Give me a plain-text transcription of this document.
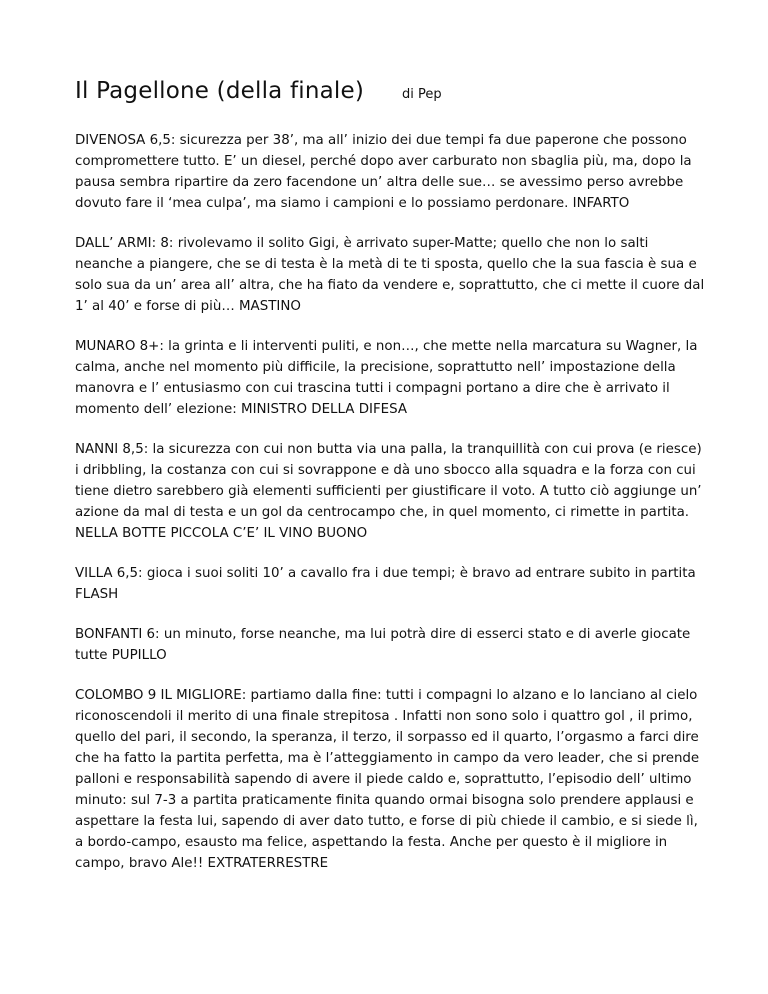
Il Pagellone (della finale)	di Pep

DIVENOSA 6,5: sicurezza per 38’, ma all’ inizio dei due tempi fa due paperone che possono compromettere tutto. E’ un diesel, perché dopo aver carburato non sbaglia più, ma, dopo la pausa sembra ripartire da zero facendone un’ altra delle sue… se avessimo perso avrebbe dovuto fare il ‘mea culpa’, ma siamo i campioni e lo possiamo perdonare. INFARTO

DALL’ ARMI: 8: rivolevamo il solito Gigi, è arrivato super-Matte; quello che non lo salti neanche a piangere, che se di testa è la metà di te ti sposta, quello che la sua fascia è sua e solo sua da un’ area all’ altra, che ha fiato da vendere e, soprattutto, che ci mette il cuore dal 1’ al 40’ e forse di più… MASTINO

MUNARO 8+: la grinta e li interventi puliti, e non…, che mette nella marcatura su Wagner, la calma, anche nel momento più difficile, la precisione, soprattutto nell’ impostazione della manovra e l’ entusiasmo con cui trascina tutti i compagni portano a dire che è arrivato il momento dell’ elezione: MINISTRO DELLA DIFESA

NANNI 8,5: la sicurezza con cui non butta via una palla, la tranquillità con cui prova (e riesce) i dribbling, la costanza con cui si sovrappone e dà uno sbocco alla squadra e la forza con cui tiene dietro sarebbero già elementi sufficienti per giustificare il voto. A tutto ciò aggiunge un’ azione da mal di testa e un gol da centrocampo che, in quel momento, ci rimette in partita. NELLA BOTTE PICCOLA C’E’ IL VINO BUONO

VILLA 6,5: gioca i suoi soliti 10’ a cavallo fra i due tempi; è bravo ad entrare subito in partita FLASH

BONFANTI 6: un minuto, forse neanche, ma lui potrà dire di esserci stato e di averle giocate tutte PUPILLO

COLOMBO 9 IL MIGLIORE: partiamo dalla fine: tutti i compagni lo alzano e lo lanciano al cielo riconoscendoli il merito di una finale strepitosa . Infatti non sono solo i quattro gol , il primo, quello del pari, il secondo, la speranza, il terzo, il sorpasso ed il quarto, l’orgasmo a farci dire che ha fatto la partita perfetta, ma è l’atteggiamento in campo da vero leader, che si prende palloni e responsabilità sapendo di avere il piede caldo e, soprattutto, l’episodio dell’ ultimo minuto: sul 7-3 a partita praticamente finita quando ormai bisogna solo prendere applausi e aspettare la festa lui, sapendo di aver dato tutto, e forse di più chiede il cambio, e si siede lì, a bordo-campo, esausto ma felice, aspettando la festa. Anche per questo è il migliore in campo, bravo Ale!! EXTRATERRESTRE
